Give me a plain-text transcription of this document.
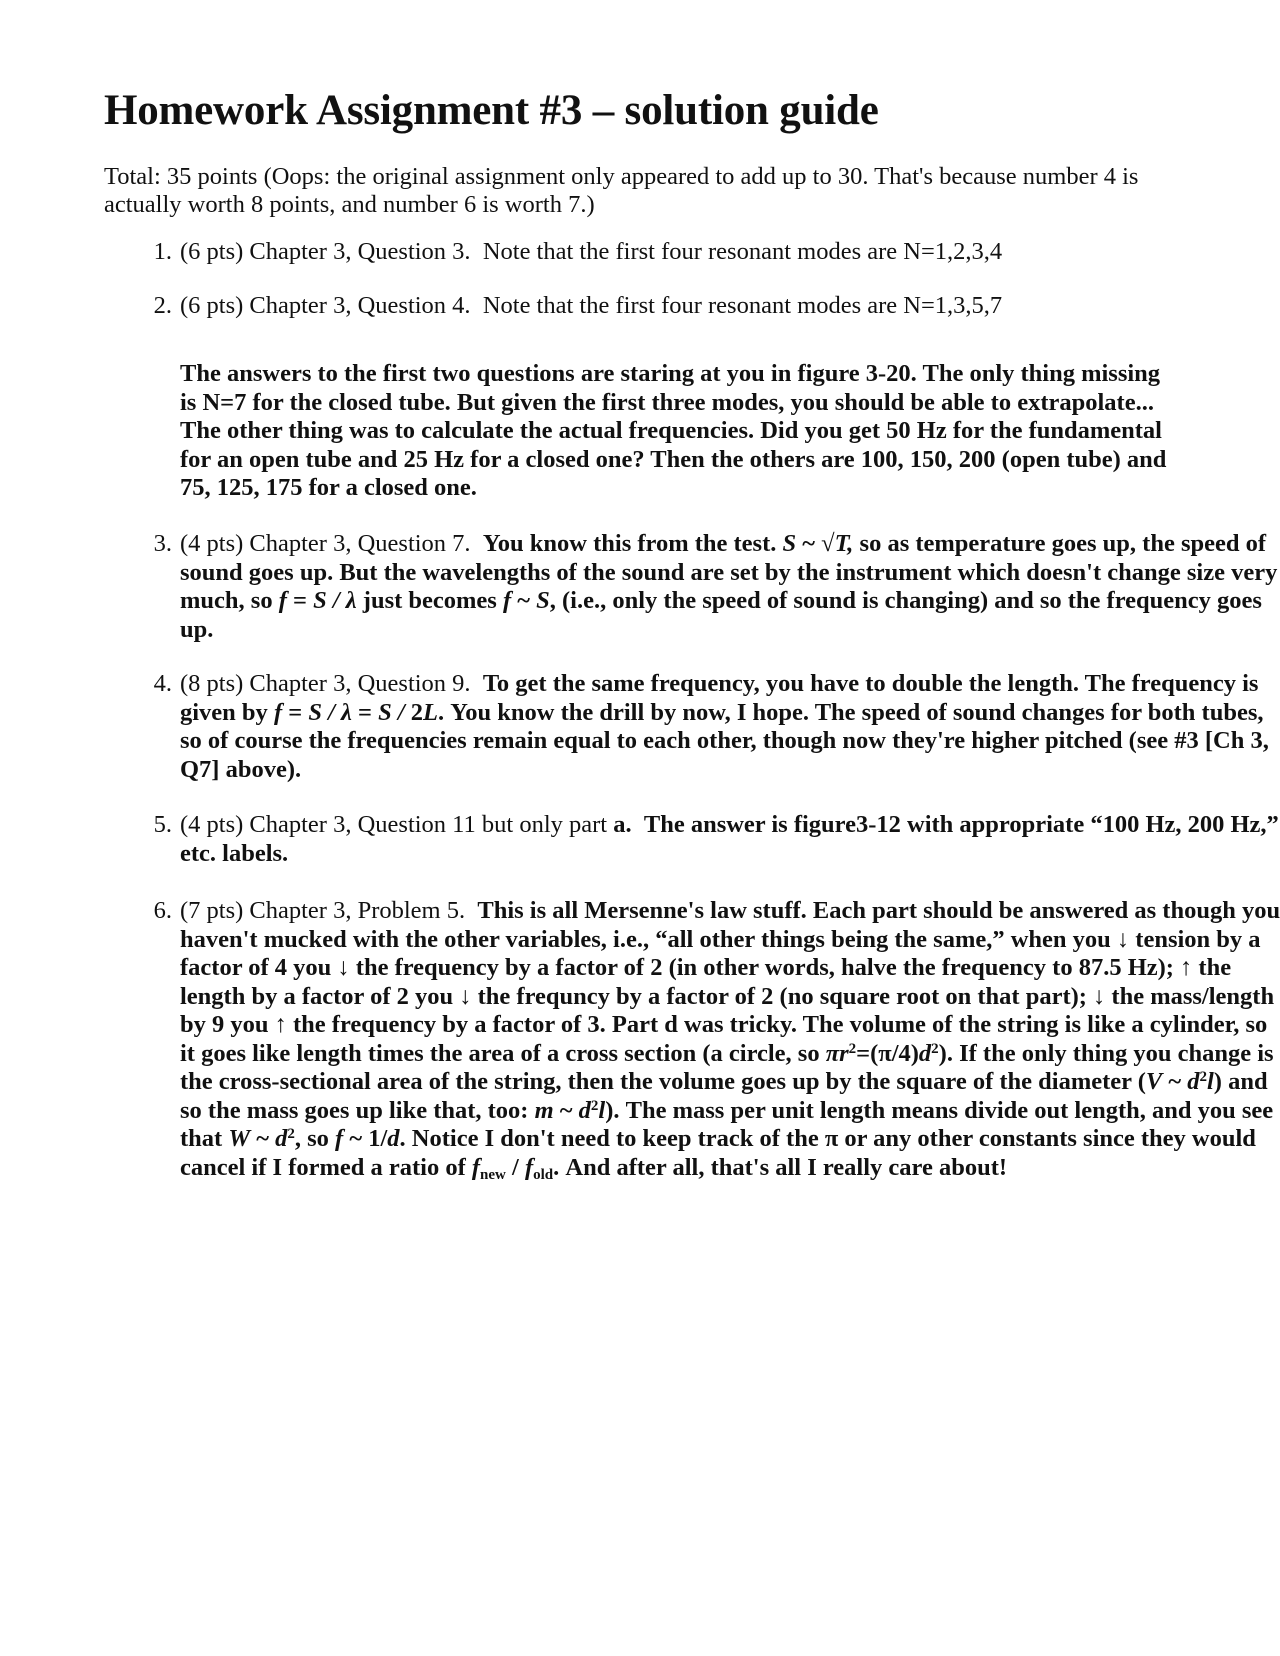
Homework Assignment #3 – solution guide

Total: 35 points (Oops: the original assignment only appeared to add up to 30. That's because number 4 is actually worth 8 points, and number 6 is worth 7.)

1. (6 pts) Chapter 3, Question 3. Note that the first four resonant modes are N=1,2,3,4
2. (6 pts) Chapter 3, Question 4. Note that the first four resonant modes are N=1,3,5,7

The answers to the first two questions are staring at you in figure 3-20. The only thing missing is N=7 for the closed tube. But given the first three modes, you should be able to extrapolate... The other thing was to calculate the actual frequencies. Did you get 50 Hz for the fundamental for an open tube and 25 Hz for a closed one? Then the others are 100, 150, 200 (open tube) and 75, 125, 175 for a closed one.

3. (4 pts) Chapter 3, Question 7. You know this from the test. S ~ √T, so as temperature goes up, the speed of sound goes up. But the wavelengths of the sound are set by the instrument which doesn't change size very much, so f = S / λ just becomes f ~ S, (i.e., only the speed of sound is changing) and so the frequency goes up.
4. (8 pts) Chapter 3, Question 9. To get the same frequency, you have to double the length. The frequency is given by f = S / λ = S / 2L. You know the drill by now, I hope. The speed of sound changes for both tubes, so of course the frequencies remain equal to each other, though now they're higher pitched (see #3 [Ch 3, Q7] above).
5. (4 pts) Chapter 3, Question 11 but only part a. The answer is figure3-12 with appropriate “100 Hz, 200 Hz,” etc. labels.
6. (7 pts) Chapter 3, Problem 5. This is all Mersenne's law stuff. Each part should be answered as though you haven't mucked with the other variables, i.e., “all other things being the same,” when you ↓ tension by a factor of 4 you ↓ the frequency by a factor of 2 (in other words, halve the frequency to 87.5 Hz); ↑ the length by a factor of 2 you ↓ the frequncy by a factor of 2 (no square root on that part); ↓ the mass/length by 9 you ↑ the frequency by a factor of 3. Part d was tricky. The volume of the string is like a cylinder, so it goes like length times the area of a cross section (a circle, so $\pi r^2=(\pi/4)d^2$). If the only thing you change is the cross-sectional area of the string, then the volume goes up by the square of the diameter (V ~ $d^2l$) and so the mass goes up like that, too: m ~ $d^2l$). The mass per unit length means divide out length, and you see that W ~ $d^2$, so f ~ 1/d. Notice I don't need to keep track of the π or any other constants since they would cancel if I formed a ratio of $f_{new} / f_{old}$. And after all, that's all I really care about!
